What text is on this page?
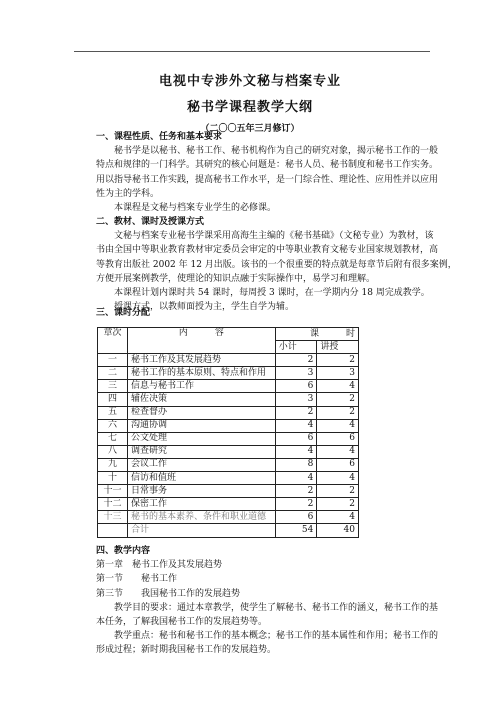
电视中专涉外文秘与档案专业
秘书学课程教学大纲
（二〇〇五年三月修订）
一、课程性质、任务和基本要求
秘书学是以秘书、秘书工作、秘书机构作为自己的研究对象，揭示秘书工作的一般
特点和规律的一门科学。其研究的核心问题是：秘书人员、秘书制度和秘书工作实务。
用以指导秘书工作实践，提高秘书工作水平，是一门综合性、理论性、应用性并以应用
性为主的学科。
本课程是文秘与档案专业学生的必修课。
二、教材、课时及授课方式
文秘与档案专业秘书学课采用高海生主编的《秘书基础》（文秘专业）为教材，该
书由全国中等职业教育教材审定委员会审定的中等职业教育文秘专业国家规划教材，高
等教育出版社 2002 年 12 月出版。该书的一个很重要的特点就是每章节后附有很多案例，
方便开展案例教学，使理论的知识点融于实际操作中，易学习和理解。
本课程计划内课时共 54 课时，每周授 3 课时，在一学期内分 18 周完成教学。
授课方式，以教师面授为主，学生自学为辅。
三、课时分配
章次	内　　　容	课　　　时	
		小计	讲授
一	秘书工作及其发展趋势	2	2
二	秘书工作的基本原则、特点和作用	3	3
三	信息与秘书工作	6	4
四	辅佐决策	3	2
五	检查督办	2	2
六	沟通协调	4	4
七	公文处理	6	6
八	调查研究	4	4
九	会议工作	8	6
十	信访和值班	4	4
十一	日常事务	2	2
十二	保密工作	2	2
十三	秘书的基本素养、条件和职业道德	6	4
	合计	54	40
四、教学内容
第一章　秘书工作及其发展趋势
第一节　　秘书工作
第三节　　我国秘书工作的发展趋势
教学目的要求：通过本章教学，使学生了解秘书、秘书工作的涵义，秘书工作的基
本任务，了解我国秘书工作的发展趋势等。
教学重点：秘书和秘书工作的基本概念；秘书工作的基本属性和作用；秘书工作的
形成过程；新时期我国秘书工作的发展趋势。
